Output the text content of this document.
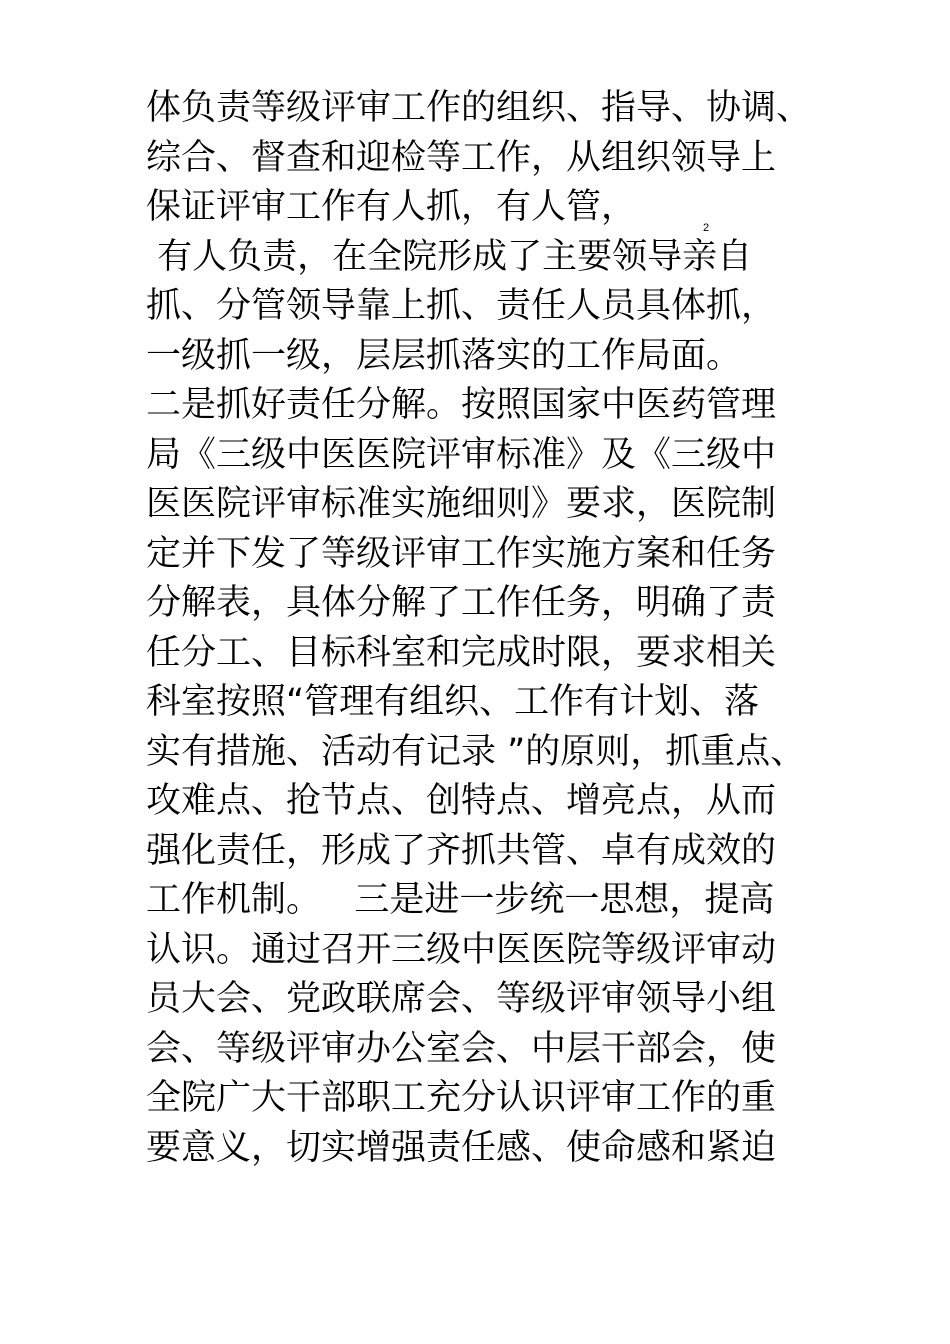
2
体负责等级评审工作的组织、指导、协调、
综合、督查和迎检等工作，从组织领导上
保证评审工作有人抓，有人管，
有人负责，在全院形成了主要领导亲自
抓、分管领导靠上抓、责任人员具体抓，
一级抓一级，层层抓落实的工作局面。
二是抓好责任分解。按照国家中医药管理
局《三级中医医院评审标准》及《三级中
医医院评审标准实施细则》要求，医院制
定并下发了等级评审工作实施方案和任务
分解表，具体分解了工作任务，明确了责
任分工、目标科室和完成时限，要求相关
科室按照“管理有组织、工作有计划、落
实有措施、活动有记录 ”的原则，抓重点、
攻难点、抢节点、创特点、增亮点，从而
强化责任，形成了齐抓共管、卓有成效的
工作机制。   三是进一步统一思想，提高
认识。通过召开三级中医医院等级评审动
员大会、党政联席会、等级评审领导小组
会、等级评审办公室会、中层干部会，使
全院广大干部职工充分认识评审工作的重
要意义，切实增强责任感、使命感和紧迫
